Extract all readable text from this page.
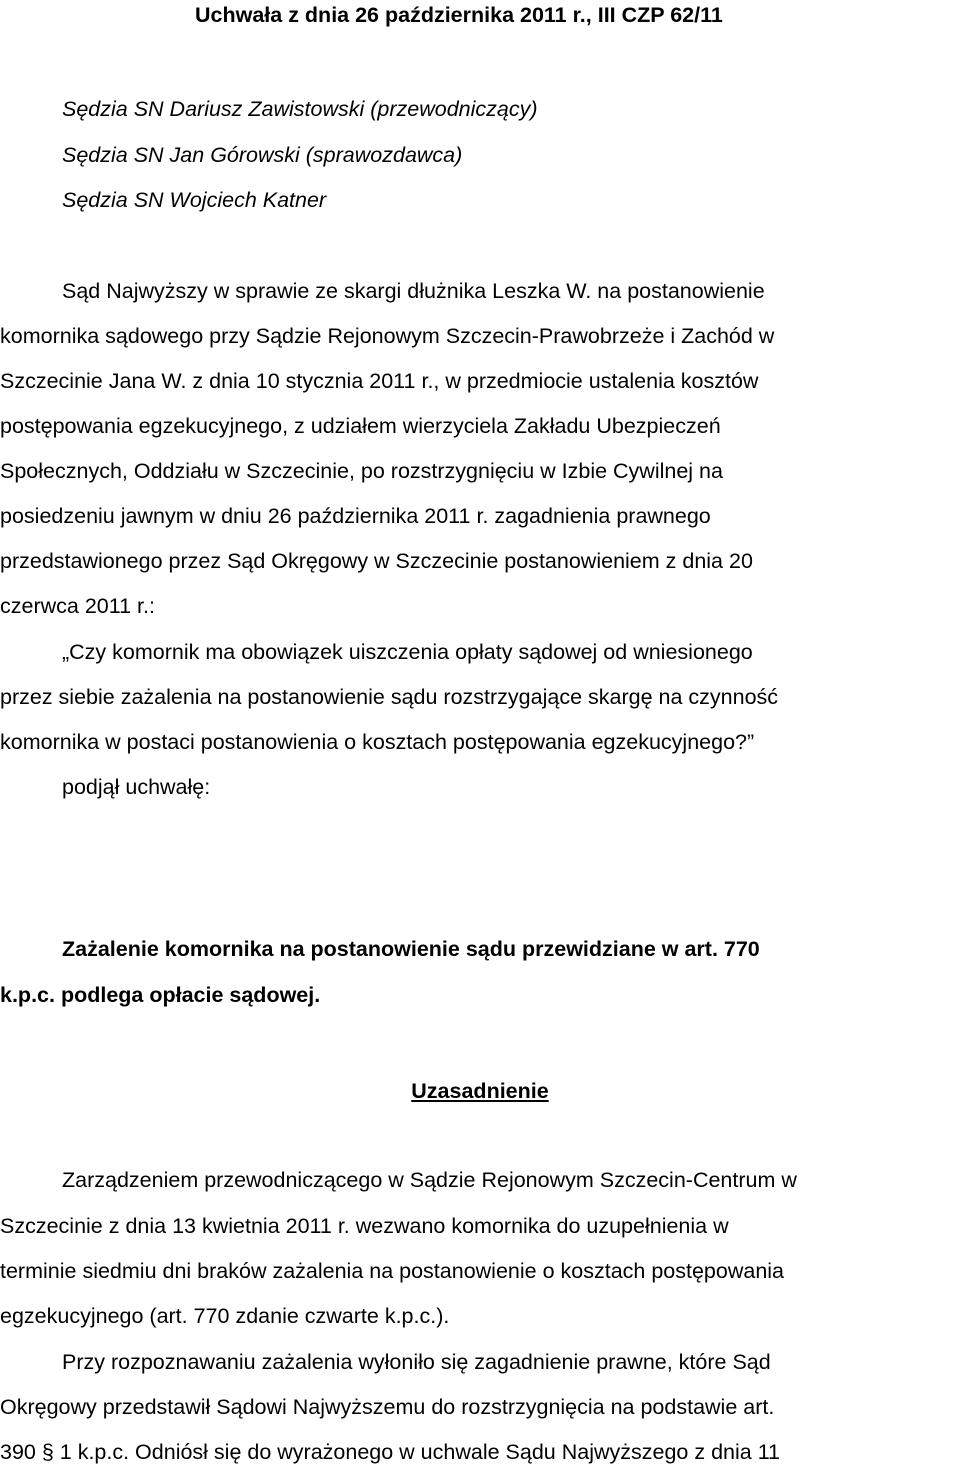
Uchwała z dnia 26 października 2011 r., III CZP 62/11
Sędzia SN Dariusz Zawistowski (przewodniczący)
Sędzia SN Jan Górowski (sprawozdawca)
Sędzia SN Wojciech Katner
Sąd Najwyższy w sprawie ze skargi dłużnika Leszka W. na postanowienie
komornika sądowego przy Sądzie Rejonowym Szczecin-Prawobrzeże i Zachód w
Szczecinie Jana W. z dnia 10 stycznia 2011 r., w przedmiocie ustalenia kosztów
postępowania egzekucyjnego, z udziałem wierzyciela Zakładu Ubezpieczeń
Społecznych, Oddziału w Szczecinie, po rozstrzygnięciu w Izbie Cywilnej na
posiedzeniu jawnym w dniu 26 października 2011 r. zagadnienia prawnego
przedstawionego przez Sąd Okręgowy w Szczecinie postanowieniem z dnia 20
czerwca 2011 r.:
„Czy komornik ma obowiązek uiszczenia opłaty sądowej od wniesionego
przez siebie zażalenia na postanowienie sądu rozstrzygające skargę na czynność
komornika w postaci postanowienia o kosztach postępowania egzekucyjnego?”
podjął uchwałę:
Zażalenie komornika na postanowienie sądu przewidziane w art. 770
k.p.c. podlega opłacie sądowej.
Uzasadnienie
Zarządzeniem przewodniczącego w Sądzie Rejonowym Szczecin-Centrum w
Szczecinie z dnia 13 kwietnia 2011 r. wezwano komornika do uzupełnienia w
terminie siedmiu dni braków zażalenia na postanowienie o kosztach postępowania
egzekucyjnego (art. 770 zdanie czwarte k.p.c.).
Przy rozpoznawaniu zażalenia wyłoniło się zagadnienie prawne, które Sąd
Okręgowy przedstawił Sądowi Najwyższemu do rozstrzygnięcia na podstawie art.
390 § 1 k.p.c. Odniósł się do wyrażonego w uchwale Sądu Najwyższego z dnia 11
